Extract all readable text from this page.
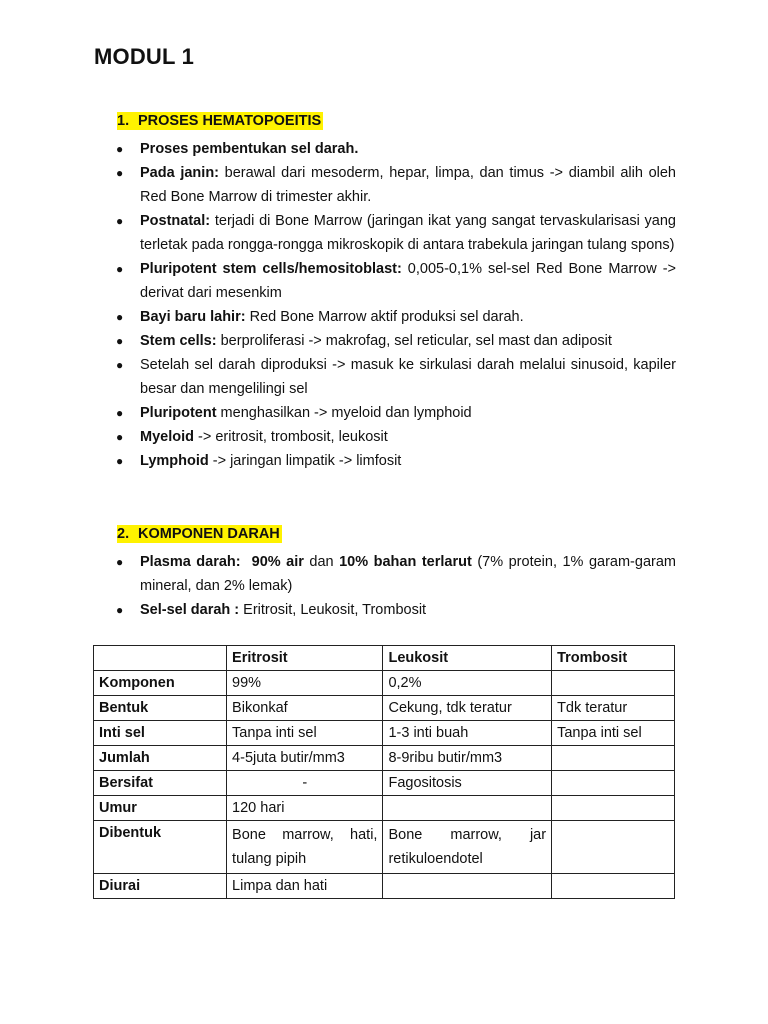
MODUL 1
1. PROSES HEMATOPOEITIS
● Proses pembentukan sel darah.
● Pada janin: berawal dari mesoderm, hepar, limpa, dan timus -> diambil alih oleh Red Bone Marrow di trimester akhir.
● Postnatal: terjadi di Bone Marrow (jaringan ikat yang sangat tervaskularisasi yang terletak pada rongga-rongga mikroskopik di antara trabekula jaringan tulang spons)
● Pluripotent stem cells/hemositoblast: 0,005-0,1% sel-sel Red Bone Marrow -> derivat dari mesenkim
● Bayi baru lahir: Red Bone Marrow aktif produksi sel darah.
● Stem cells: berproliferasi -> makrofag, sel reticular, sel mast dan adiposit
● Setelah sel darah diproduksi -> masuk ke sirkulasi darah melalui sinusoid, kapiler besar dan mengelilingi sel
● Pluripotent menghasilkan -> myeloid dan lymphoid
● Myeloid -> eritrosit, trombosit, leukosit
● Lymphoid -> jaringan limpatik -> limfosit
2. KOMPONEN DARAH
● Plasma darah: 90% air dan 10% bahan terlarut (7% protein, 1% garam-garam mineral, dan 2% lemak)
● Sel-sel darah : Eritrosit, Leukosit, Trombosit
	Eritrosit	Leukosit	Trombosit
Komponen	99%	0,2%	
Bentuk	Bikonkaf	Cekung, tdk teratur	Tdk teratur
Inti sel	Tanpa inti sel	1-3 inti buah	Tanpa inti sel
Jumlah	4-5juta butir/mm3	8-9ribu butir/mm3	
Bersifat	-	Fagositosis	
Umur	120 hari		
Dibentuk	Bone marrow, hati, tulang pipih	Bone marrow, jar retikuloendotel	
Diurai	Limpa dan hati		
